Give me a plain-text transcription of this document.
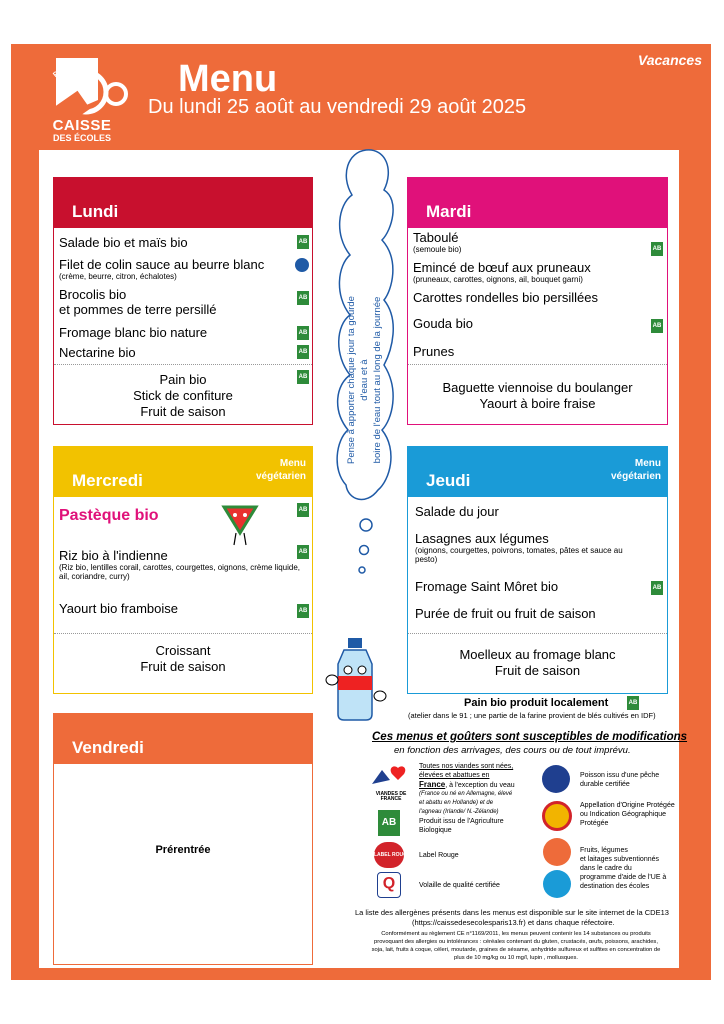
PARIS
CAISSE
DES ÉCOLES
Menu
Du lundi 25 août au vendredi 29 août 2025
Vacances
Lundi
Salade bio et maïs bio
Filet de colin sauce au beurre blanc
(crème, beurre, citron, échalotes)
Brocolis bio
et pommes de terre persillé
Fromage blanc bio nature
Nectarine bio
AB
AB
AB
AB
AB
Pain bio
Stick de confiture
Fruit de saison
Mardi
Taboulé
(semoule bio)
Emincé de bœuf aux pruneaux
(pruneaux, carottes, oignons, ail, bouquet garni)
Carottes rondelles bio persillées
Gouda bio
Prunes
AB
AB
Baguette viennoise du boulanger
Yaourt à boire fraise
Pense à apporter chaque jour ta gourde d'eau et à boire de l'eau tout au long de la journée
Mercredi
Menu
végétarien
Pastèque bio
Riz bio à l'indienne
(Riz bio, lentilles corail, carottes, courgettes, oignons, crème liquide, ail, coriandre, curry)
Yaourt bio framboise
AB
AB
AB
Croissant
Fruit de saison
Jeudi
Menu
végétarien
Salade du jour
Lasagnes aux légumes
(oignons, courgettes, poivrons, tomates, pâtes et sauce au pesto)
Fromage Saint Môret bio
Purée de fruit ou fruit de saison
AB
Moelleux au fromage blanc
Fruit de saison
Vendredi
Prérentrée
Pain bio produit localement	AB
(atelier dans le 91 ; une partie de la farine provient de blés cultivés en IDF)
Ces menus et goûters sont susceptibles de modifications
en fonction des arrivages, des cours ou de tout imprévu.
VIANDES DE FRANCE
Toutes nos viandes sont nées,
élevées et abattues en
France, à l'exception du veau
(France ou né en Allemagne, élevé
et abattu en Hollande) et de
l'agneau (Irlande/ N.-Zélande)
AB	Produit issu de l'Agriculture
Biologique
LABEL ROUGE Label Rouge
Q	Volaille de qualité certifiée
Poisson issu d'une pêche
durable certifiée
Appellation d'Origine Protégée
ou Indication Géographique
Protégée
Fruits, légumes
et laitages subventionnés
dans le cadre du
programme d'aide de l'UE à
destination des écoles
La liste des allergènes présents dans les menus est disponible sur le site internet de la CDE13
(https://caissedesecolesparis13.fr) et dans chaque réfectoire.
Conformément au règlement CE n°1169/2011, les menus peuvent contenir les 14 substances ou produits
provoquant des allergies ou intolérances : céréales contenant du gluten, crustacés, œufs, poissons, arachides,
soja, lait, fruits à coque, céleri, moutarde, graines de sésame, anhydride sulfureux et sulfites en concentration de
plus de 10 mg/kg ou 10 mg/l, lupin , mollusques.
